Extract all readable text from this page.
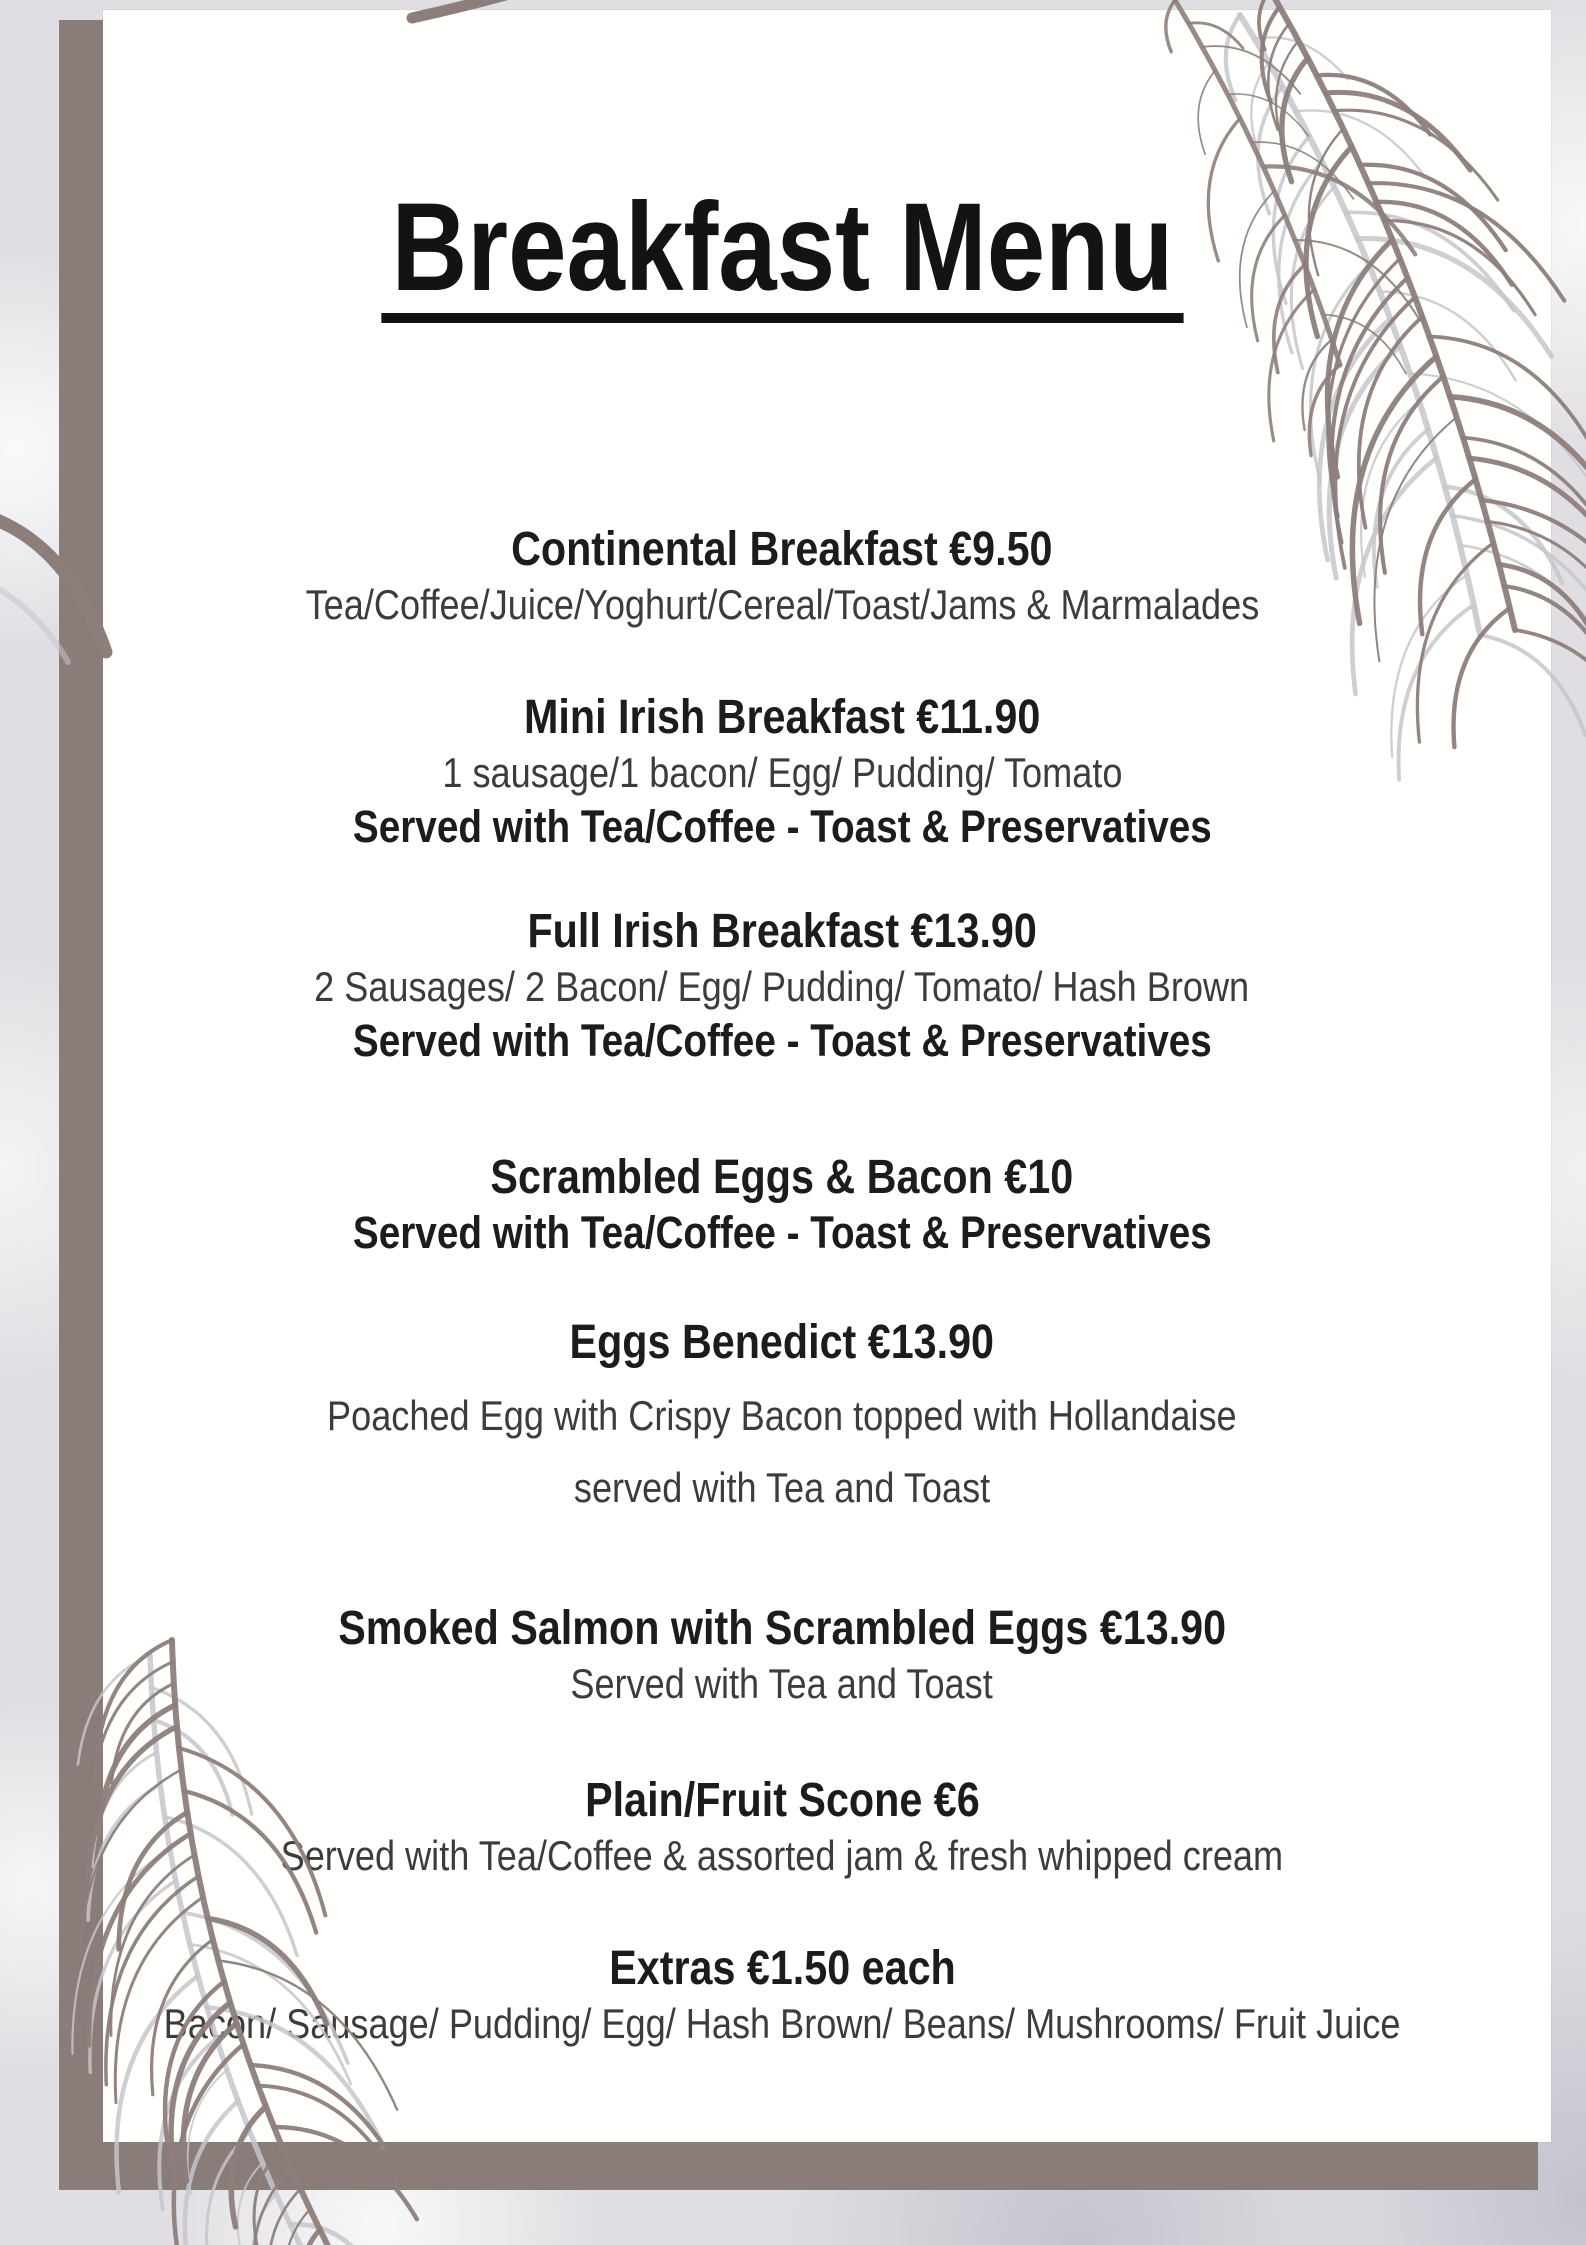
Breakfast Menu
Continental Breakfast €9.50
Tea/Coffee/Juice/Yoghurt/Cereal/Toast/Jams & Marmalades
Mini Irish Breakfast €11.90
1 sausage/1 bacon/ Egg/ Pudding/ Tomato
Served with Tea/Coffee - Toast & Preservatives
Full Irish Breakfast €13.90
2 Sausages/ 2 Bacon/ Egg/ Pudding/ Tomato/ Hash Brown
Served with Tea/Coffee - Toast & Preservatives
Scrambled Eggs & Bacon €10
Served with Tea/Coffee - Toast & Preservatives
Eggs Benedict €13.90
Poached Egg with Crispy Bacon topped with Hollandaise
served with Tea and Toast
Smoked Salmon with Scrambled Eggs €13.90
Served with Tea and Toast
Plain/Fruit Scone €6
Served with Tea/Coffee & assorted jam & fresh whipped cream
Extras €1.50 each
Bacon/ Sausage/ Pudding/ Egg/ Hash Brown/ Beans/ Mushrooms/ Fruit Juice
